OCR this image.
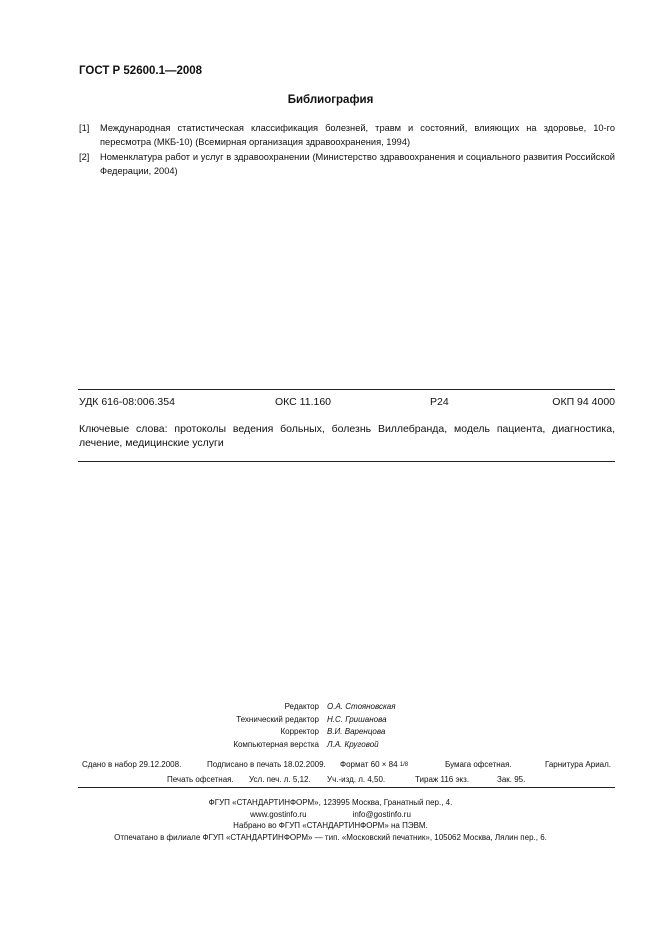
ГОСТ Р 52600.1—2008
Библиография
[1] Международная статистическая классификация болезней, травм и состояний, влияющих на здоровье, 10-го пересмотра (МКБ-10) (Всемирная организация здравоохранения, 1994)
[2] Номенклатура работ и услуг в здравоохранении (Министерство здравоохранения и социального развития Российской Федерации, 2004)
УДК 616-08:006.354	ОКС 11.160	Р24	ОКП 94 4000
Ключевые слова: протоколы ведения больных, болезнь Виллебранда, модель пациента, диагностика, лечение, медицинские услуги
Редактор О.А. Стояновская
Технический редактор Н.С. Гришанова
Корректор В.И. Варенцова
Компьютерная верстка Л.А. Круговой
Сдано в набор 29.12.2008.	Подписано в печать 18.02.2009. Формат 60 × 84 1/8	Бумага офсетная.	Гарнитура Ариал.
Печать офсетная. Усл. печ. л. 5,12. Уч.-изд. л. 4,50.	Тираж 116 экз.	Зак. 95.
ФГУП «СТАНДАРТИНФОРМ», 123995 Москва, Гранатный пер., 4.
www.gostinfo.ru	info@gostinfo.ru
Набрано во ФГУП «СТАНДАРТИНФОРМ» на ПЭВМ.
Отпечатано в филиале ФГУП «СТАНДАРТИНФОРМ» — тип. «Московский печатник», 105062 Москва, Лялин пер., 6.
